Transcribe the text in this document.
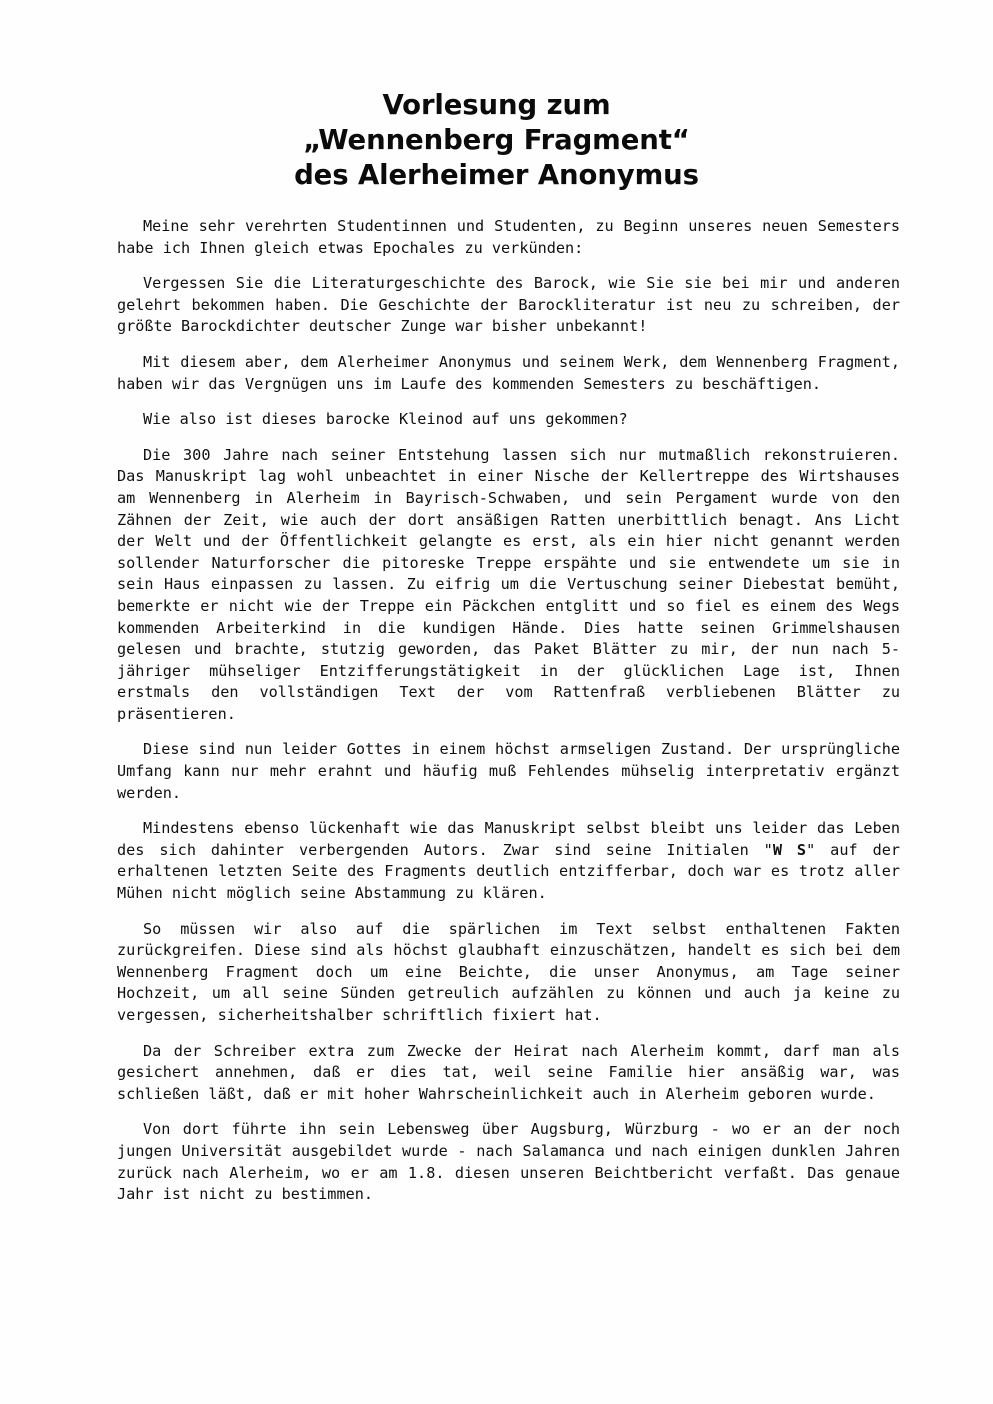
Vorlesung zum
„Wennenberg Fragment“
des Alerheimer Anonymus

Meine sehr verehrten Studentinnen und Studenten, zu Beginn unseres neuen Semesters habe ich Ihnen gleich etwas Epochales zu verkünden:

Vergessen Sie die Literaturgeschichte des Barock, wie Sie sie bei mir und anderen gelehrt bekommen haben. Die Geschichte der Barockliteratur ist neu zu schreiben, der größte Barockdichter deutscher Zunge war bisher unbekannt!

Mit diesem aber, dem Alerheimer Anonymus und seinem Werk, dem Wennenberg Fragment, haben wir das Vergnügen uns im Laufe des kommenden Semesters zu beschäftigen.

Wie also ist dieses barocke Kleinod auf uns gekommen?

Die 300 Jahre nach seiner Entstehung lassen sich nur mutmaßlich rekonstruieren. Das Manuskript lag wohl unbeachtet in einer Nische der Kellertreppe des Wirtshauses am Wennenberg in Alerheim in Bayrisch-Schwaben, und sein Pergament wurde von den Zähnen der Zeit, wie auch der dort ansäßigen Ratten unerbittlich benagt. Ans Licht der Welt und der Öffentlichkeit gelangte es erst, als ein hier nicht genannt werden sollender Naturforscher die pitoreske Treppe erspähte und sie entwendete um sie in sein Haus einpassen zu lassen. Zu eifrig um die Vertuschung seiner Diebestat bemüht, bemerkte er nicht wie der Treppe ein Päckchen entglitt und so fiel es einem des Wegs kommenden Arbeiterkind in die kundigen Hände. Dies hatte seinen Grimmelshausen gelesen und brachte, stutzig geworden, das Paket Blätter zu mir, der nun nach 5-jähriger mühseliger Entzifferungstätigkeit in der glücklichen Lage ist, Ihnen erstmals den vollständigen Text der vom Rattenfraß verbliebenen Blätter zu präsentieren.

Diese sind nun leider Gottes in einem höchst armseligen Zustand. Der ursprüngliche Umfang kann nur mehr erahnt und häufig muß Fehlendes mühselig interpretativ ergänzt werden.

Mindestens ebenso lückenhaft wie das Manuskript selbst bleibt uns leider das Leben des sich dahinter verbergenden Autors. Zwar sind seine Initialen "W S" auf der erhaltenen letzten Seite des Fragments deutlich entzifferbar, doch war es trotz aller Mühen nicht möglich seine Abstammung zu klären.

So müssen wir also auf die spärlichen im Text selbst enthaltenen Fakten zurückgreifen. Diese sind als höchst glaubhaft einzuschätzen, handelt es sich bei dem Wennenberg Fragment doch um eine Beichte, die unser Anonymus, am Tage seiner Hochzeit, um all seine Sünden getreulich aufzählen zu können und auch ja keine zu vergessen, sicherheitshalber schriftlich fixiert hat.

Da der Schreiber extra zum Zwecke der Heirat nach Alerheim kommt, darf man als gesichert annehmen, daß er dies tat, weil seine Familie hier ansäßig war, was schließen läßt, daß er mit hoher Wahrscheinlichkeit auch in Alerheim geboren wurde.

Von dort führte ihn sein Lebensweg über Augsburg, Würzburg - wo er an der noch jungen Universität ausgebildet wurde - nach Salamanca und nach einigen dunklen Jahren zurück nach Alerheim, wo er am 1.8. diesen unseren Beichtbericht verfaßt. Das genaue Jahr ist nicht zu bestimmen.
